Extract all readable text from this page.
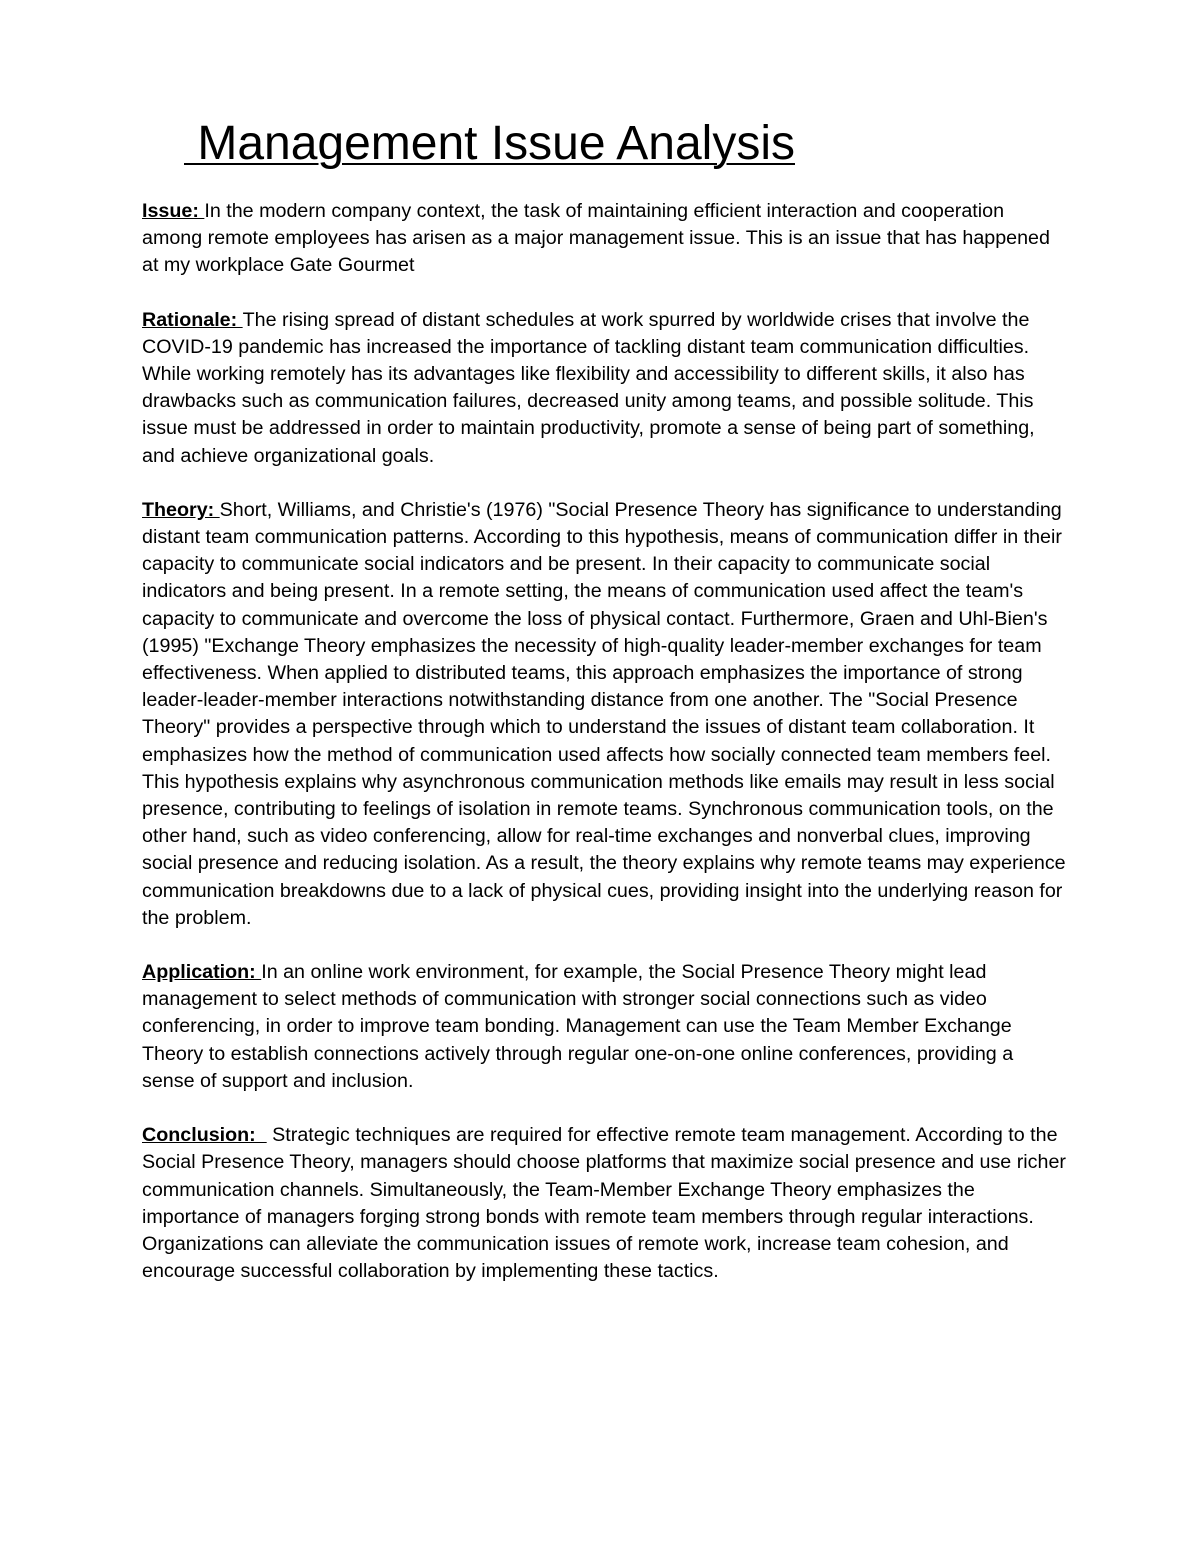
Management Issue Analysis

Issue: In the modern company context, the task of maintaining efficient interaction and cooperation among remote employees has arisen as a major management issue. This is an issue that has happened at my workplace Gate Gourmet

Rationale: The rising spread of distant schedules at work spurred by worldwide crises that involve the COVID-19 pandemic has increased the importance of tackling distant team communication difficulties. While working remotely has its advantages like flexibility and accessibility to different skills, it also has drawbacks such as communication failures, decreased unity among teams, and possible solitude. This issue must be addressed in order to maintain productivity, promote a sense of being part of something, and achieve organizational goals.

Theory: Short, Williams, and Christie's (1976) "Social Presence Theory has significance to understanding distant team communication patterns. According to this hypothesis, means of communication differ in their capacity to communicate social indicators and be present. In their capacity to communicate social indicators and being present. In a remote setting, the means of communication used affect the team's capacity to communicate and overcome the loss of physical contact. Furthermore, Graen and Uhl-Bien's (1995) "Exchange Theory emphasizes the necessity of high-quality leader-member exchanges for team effectiveness. When applied to distributed teams, this approach emphasizes the importance of strong leader-leader-member interactions notwithstanding distance from one another. The "Social Presence Theory" provides a perspective through which to understand the issues of distant team collaboration. It emphasizes how the method of communication used affects how socially connected team members feel. This hypothesis explains why asynchronous communication methods like emails may result in less social presence, contributing to feelings of isolation in remote teams. Synchronous communication tools, on the other hand, such as video conferencing, allow for real-time exchanges and nonverbal clues, improving social presence and reducing isolation. As a result, the theory explains why remote teams may experience communication breakdowns due to a lack of physical cues, providing insight into the underlying reason for the problem.

Application: In an online work environment, for example, the Social Presence Theory might lead management to select methods of communication with stronger social connections such as video conferencing, in order to improve team bonding. Management can use the Team Member Exchange Theory to establish connections actively through regular one-on-one online conferences, providing a sense of support and inclusion.

Conclusion:   Strategic techniques are required for effective remote team management. According to the Social Presence Theory, managers should choose platforms that maximize social presence and use richer communication channels. Simultaneously, the Team-Member Exchange Theory emphasizes the importance of managers forging strong bonds with remote team members through regular interactions. Organizations can alleviate the communication issues of remote work, increase team cohesion, and encourage successful collaboration by implementing these tactics.
